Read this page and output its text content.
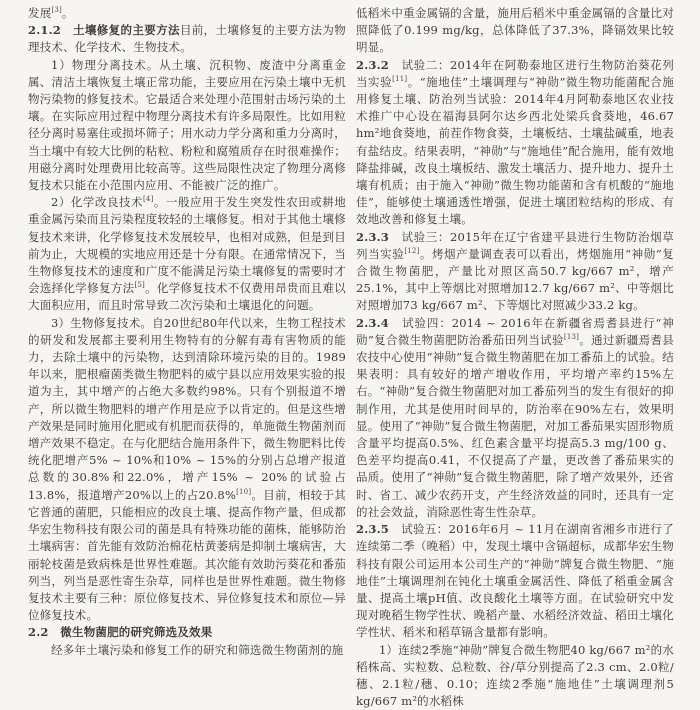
发展[3]。

2.1.2　土壤修复的主要方法目前，土壤修复的主要方法为物理技术、化学技术、生物技术。

1）物理分离技术。从土壤、沉积物、废渣中分离重金属、清洁土壤恢复土壤正常功能，主要应用在污染土壤中无机物污染物的修复技术。它最适合来处理小范围射击场污染的土壤。在实际应用过程中物理分离技术有许多局限性。比如用粒径分离时易塞住或损坏筛子；用水动力学分离和重力分离时，当土壤中有较大比例的粘粒、粉粒和腐殖质存在时很难操作；用磁分离时处理费用比较高等。这些局限性决定了物理分离修复技术只能在小范围内应用、不能被广泛的推广。

2）化学改良技术[4]。一般应用于发生突发性农田或耕地重金属污染而且污染程度较轻的土壤修复。相对于其他土壤修复技术来讲，化学修复技术发展较早，也相对成熟，但是到目前为止，大规模的实地应用还是十分有限。在通常情况下，当生物修复技术的速度和广度不能满足污染土壤修复的需要时才会选择化学修复方法[5]。化学修复技术不仅费用昂贵而且难以大面积应用，而且时常导致二次污染和土壤退化的问题。

3）生物修复技术。自20世纪80年代以来，生物工程技术的研发和发展都主要利用生物特有的分解有毒有害物质的能力，去除土壤中的污染物，达到清除环境污染的目的。1989年以来，肥根瘤菌类微生物肥料的威宁县以应用效果实验的报道为主，其中增产的占绝大多数约98%。只有个别报道不增产，所以微生物肥料的增产作用是应予以肯定的。但是这些增产效果是同时施用化肥或有机肥而获得的，单施微生物菌剂而增产效果不稳定。在与化肥结合施用条件下，微生物肥料比传统化肥增产5% ~ 10%和10% ~ 15%的分别占总增产报道总数的30.8%和22.0%，增产15% ~ 20%的试验占13.8%，报道增产20%以上的占20.8%[10]。目前，相较于其它普通的菌肥，只能相应的改良土壤、提高作物产量，但成都华宏生物科技有限公司的菌是具有特殊功能的菌株，能够防治土壤病害：首先能有效防治棉花枯黄萎病是抑制土壤病害，大丽轮枝菌是致病株是世界性难题。其次能有效助污葵花和番茄列当，列当是恶性寄生杂草，同样也是世界性难题。微生物修复技术主要有三种：原位修复技术、异位修复技术和原位—异位修复技术。

2.2　微生物菌肥的研究筛选及效果

经多年土壤污染和修复工作的研究和筛选微生物菌剂的施

低稻米中重金属镉的含量，施用后稻米中重金属镉的含量比对照降低了0.199 mg/kg，总体降低了37.3%，降镉效果比较明显。

2.3.2　试验二：2014年在阿勒泰地区进行生物防治葵花列当实验[11]。“施地佳”土壤调理与“神勋”微生物功能菌配合施用修复土壤、防治列当试验：2014年4月阿勒泰地区农业技术推广中心设在福海县阿尔达乡西北处梁兵食葵地，46.67 hm²地食葵地，前茬作物食葵，土壤板结、土壤盐碱重，地表有盐结皮。结果表明，“神勋”与“施地佳”配合施用，能有效地降盐排碱，改良土壤板结、激发土壤活力、提升地力、提升土壤有机质；由于施入“神勋”微生物功能菌和含有机酸的“施地佳”，能够使土壤通透性增强，促进土壤团粒结构的形成、有效地改善和修复土壤。

2.3.3　试验三：2015年在辽宁省建平县进行生物防治烟草列当实验[12]。烤烟产量调查表可以看出，烤烟施用“神勋”复合微生物菌肥，产量比对照区高50.7 kg/667 m²，增产25.1%，其中上等烟比对照增加12.7 kg/667 m²、中等烟比对照增加73 kg/667 m²、下等烟比对照减少33.2 kg。

2.3.4　试验四：2014 ~ 2016年在新疆省焉耆县进行“神勋”复合微生物菌肥防治番茄田列当试验[13]。通过新疆焉耆县农技中心使用“神勋”复合微生物菌肥在加工番茄上的试验。结果表明：具有较好的增产增收作用，平均增产率约15%左右。“神勋”复合微生物菌肥对加工番茄列当的发生有很好的抑制作用，尤其是使用时间早的，防治率在90%左右，效果明显。使用了“神勋”复合微生物菌肥，对加工番茄果实固形物质含量平均提高0.5%、红色素含量平均提高5.3 mg/100 g、色差平均提高0.41，不仅提高了产量，更改善了番茄果实的品质。使用了“神勋”复合微生物菌肥，除了增产效果外，还省时、省工、减少农药开支，产生经济效益的同时，还具有一定的社会效益，消除恶性寄生性杂草。

2.3.5　试验五：2016年6月 ~ 11月在湖南省湘乡市进行了连续第二季（晚稻）中，发现土壤中含镉超标，成都华宏生物科技有限公司运用本公司生产的“神勋”牌复合微生物肥、“施地佳”土壤调理剂在钝化土壤重金属活性、降低了稻重金属含量、提高土壤pH值、改良酸化土壤等方面。在试验研究中发现对晚稻生物学性状、晚稻产量、水稻经济效益、稻田土壤化学性状、稻米和稻草镉含量都有影响。

1）连续2季施“神勋”牌复合微生物肥40 kg/667 m²的水稻株高、实粒数、总粒数、谷/草分别提高了2.3 cm、2.0粒/穗、2.1粒/穗、0.10；连续2季施“施地佳”土壤调理剂5 kg/667 m²的水稻株
